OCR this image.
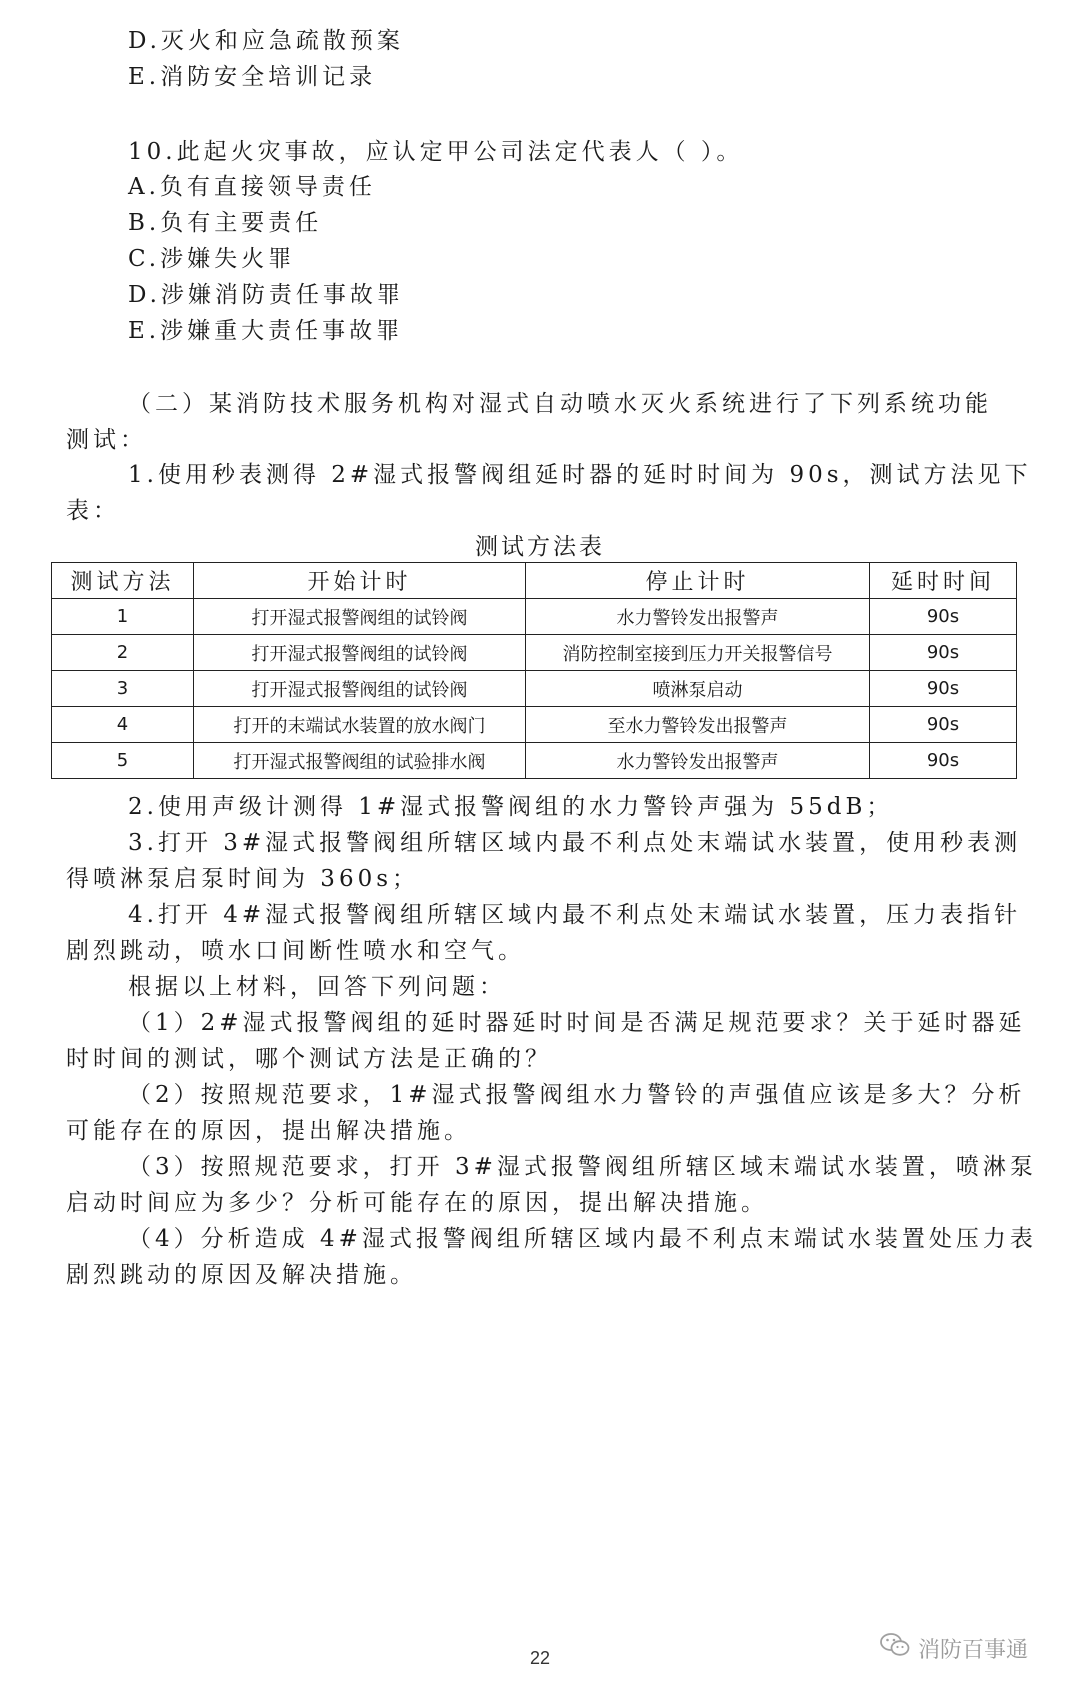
D.灭火和应急疏散预案
E.消防安全培训记录
10.此起火灾事故，应认定甲公司法定代表人（ ）。
A.负有直接领导责任
B.负有主要责任
C.涉嫌失火罪
D.涉嫌消防责任事故罪
E.涉嫌重大责任事故罪
（二）某消防技术服务机构对湿式自动喷水灭火系统进行了下列系统功能
测试：
1.使用秒表测得 2#湿式报警阀组延时器的延时时间为 90s，测试方法见下
表：
2.使用声级计测得 1#湿式报警阀组的水力警铃声强为 55dB；
3.打开 3#湿式报警阀组所辖区域内最不利点处末端试水装置，使用秒表测
得喷淋泵启泵时间为 360s；
4.打开 4#湿式报警阀组所辖区域内最不利点处末端试水装置，压力表指针
剧烈跳动，喷水口间断性喷水和空气。
根据以上材料，回答下列问题：
（1）2#湿式报警阀组的延时器延时时间是否满足规范要求？关于延时器延
时时间的测试，哪个测试方法是正确的？
（2）按照规范要求，1#湿式报警阀组水力警铃的声强值应该是多大？分析
可能存在的原因，提出解决措施。
（3）按照规范要求，打开 3#湿式报警阀组所辖区域末端试水装置，喷淋泵
启动时间应为多少？分析可能存在的原因，提出解决措施。
（4）分析造成 4#湿式报警阀组所辖区域内最不利点末端试水装置处压力表
剧烈跳动的原因及解决措施。
测试方法表
测试方法	开始计时	停止计时	延时时间
1	打开湿式报警阀组的试铃阀	水力警铃发出报警声	90s
2	打开湿式报警阀组的试铃阀	消防控制室接到压力开关报警信号	90s
3	打开湿式报警阀组的试铃阀	喷淋泵启动	90s
4	打开的末端试水装置的放水阀门	至水力警铃发出报警声	90s
5	打开湿式报警阀组的试验排水阀	水力警铃发出报警声	90s
22	消防百事通
